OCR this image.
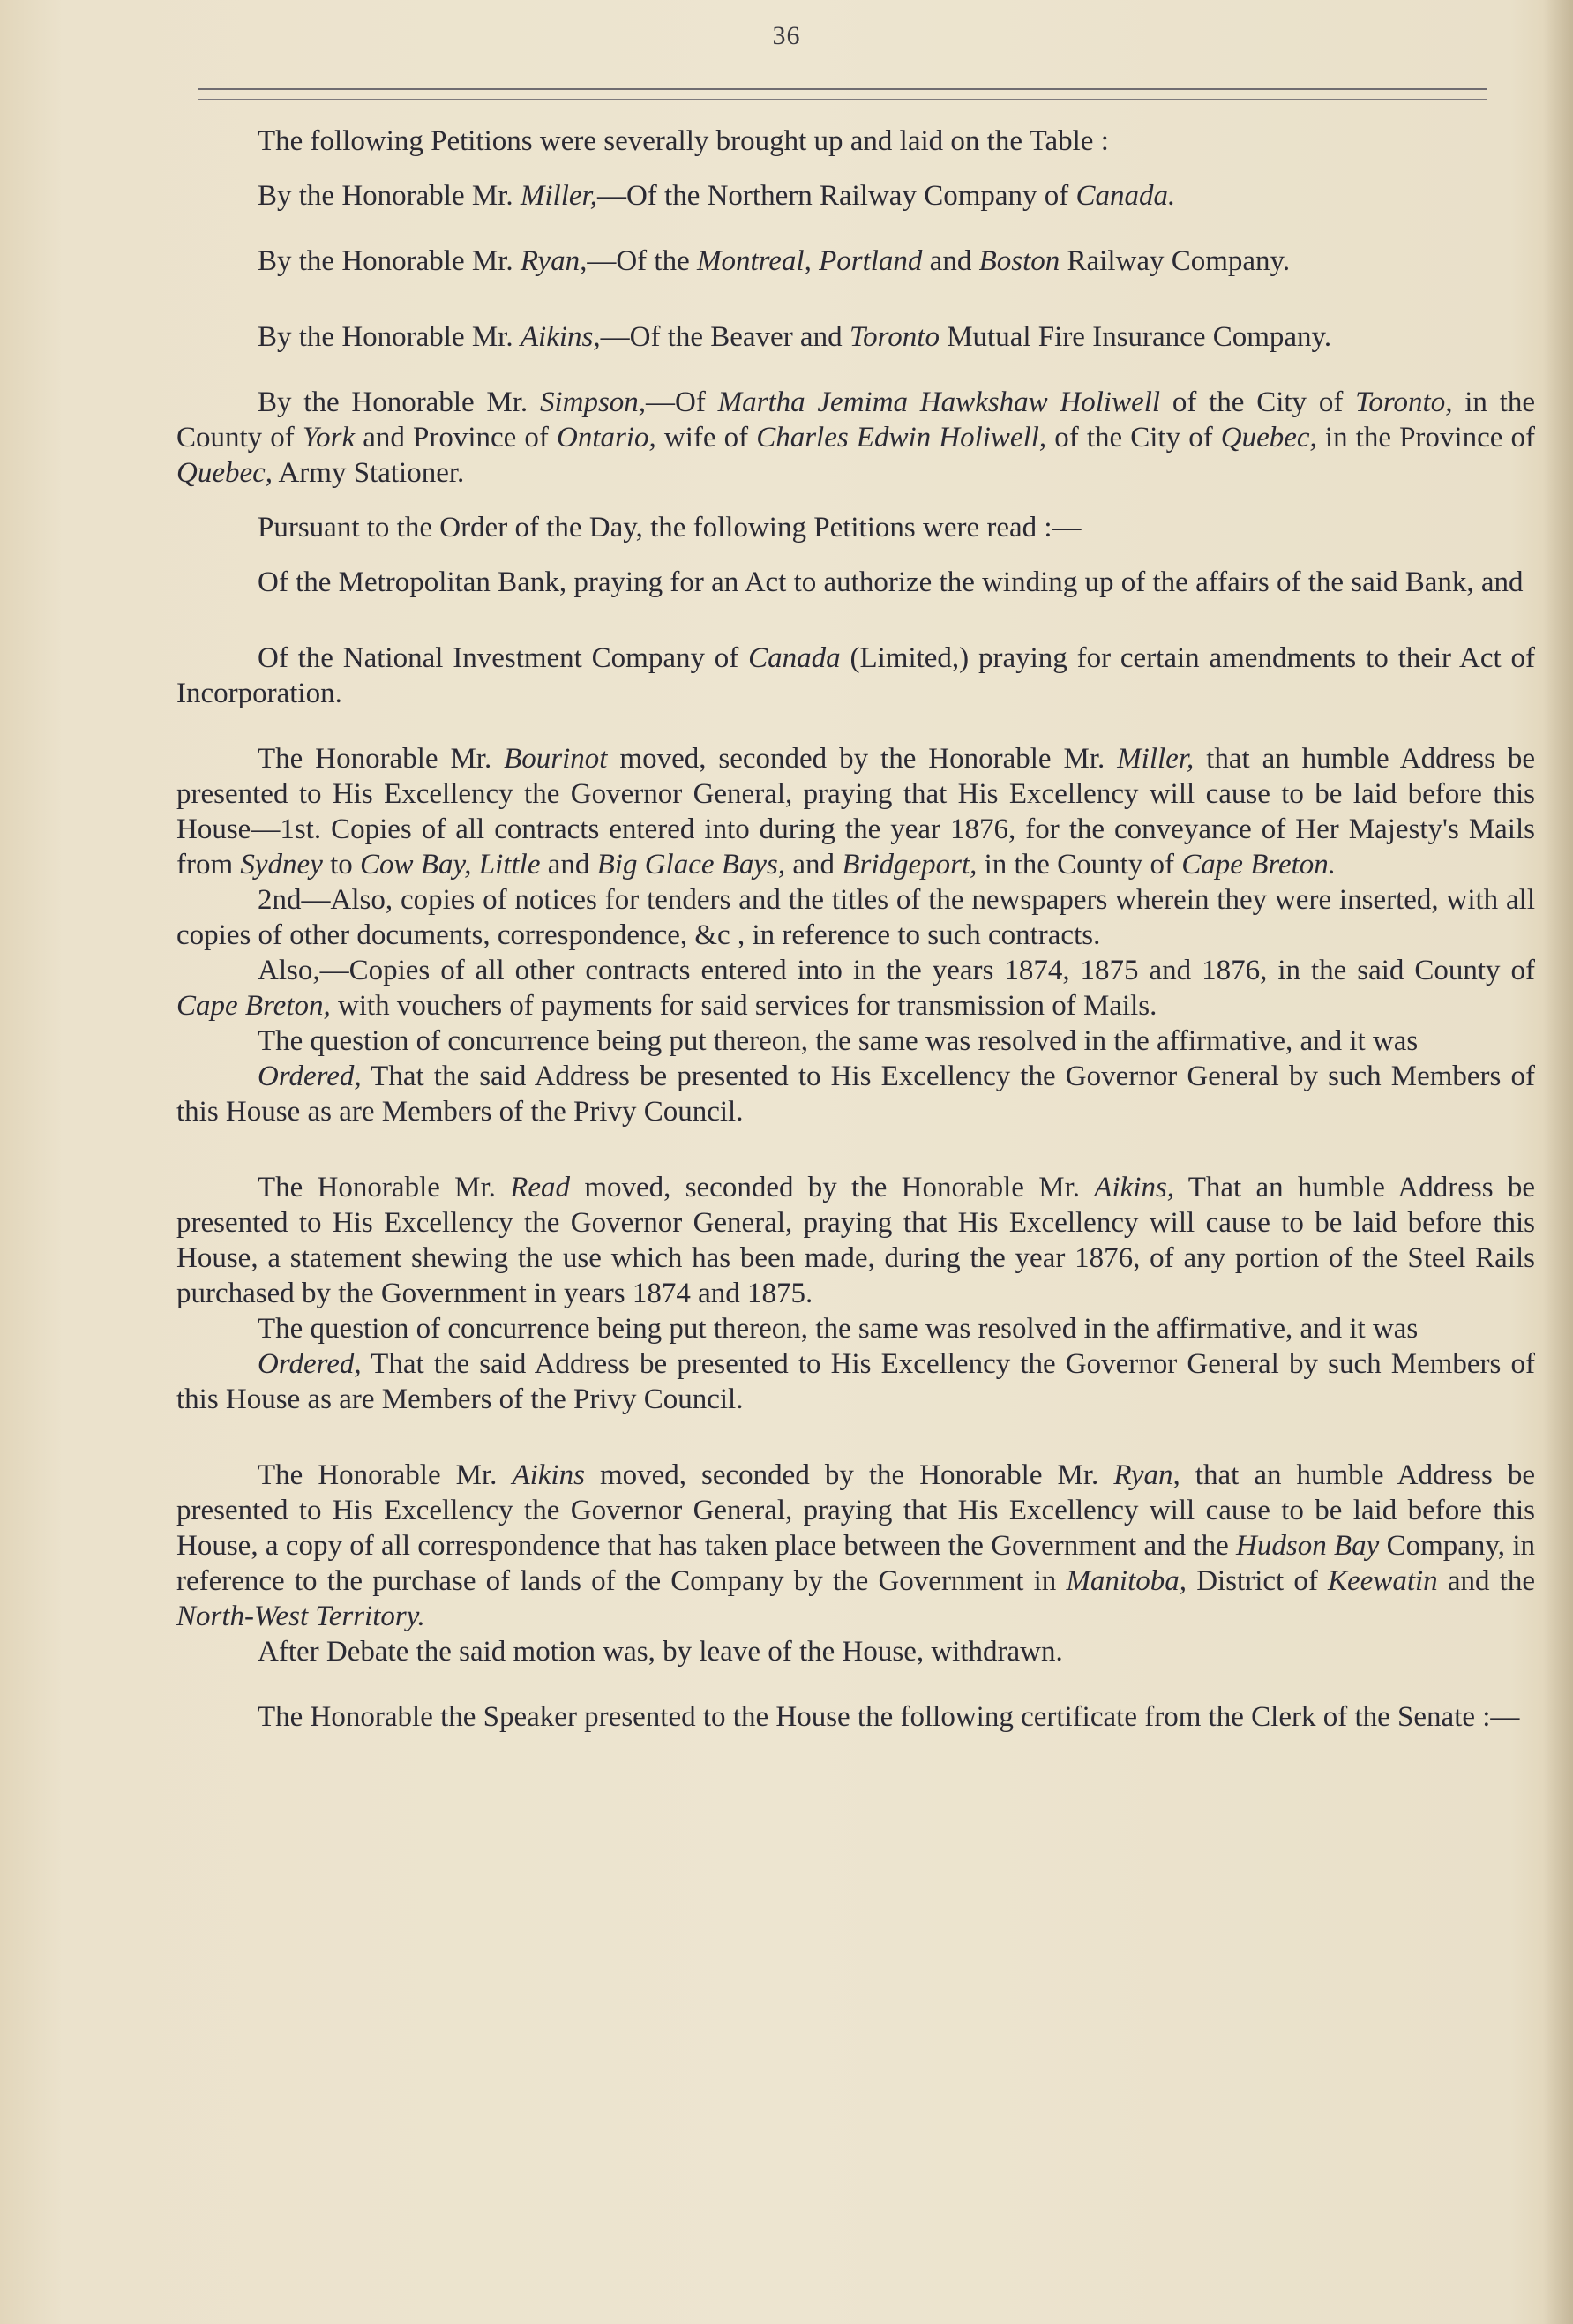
36

The following Petitions were severally brought up and laid on the Table :

By the Honorable Mr. Miller,—Of the Northern Railway Company of Canada.

By the Honorable Mr. Ryan,—Of the Montreal, Portland and Boston Railway Company.

By the Honorable Mr. Aikins,—Of the Beaver and Toronto Mutual Fire Insurance Company.

By the Honorable Mr. Simpson,—Of Martha Jemima Hawkshaw Holiwell of the City of Toronto, in the County of York and Province of Ontario, wife of Charles Edwin Holiwell, of the City of Quebec, in the Province of Quebec, Army Stationer.

Pursuant to the Order of the Day, the following Petitions were read :—

Of the Metropolitan Bank, praying for an Act to authorize the winding up of the affairs of the said Bank, and

Of the National Investment Company of Canada (Limited,) praying for certain amendments to their Act of Incorporation.

The Honorable Mr. Bourinot moved, seconded by the Honorable Mr. Miller, that an humble Address be presented to His Excellency the Governor General, praying that His Excellency will cause to be laid before this House—1st. Copies of all contracts entered into during the year 1876, for the conveyance of Her Majesty's Mails from Sydney to Cow Bay, Little and Big Glace Bays, and Bridgeport, in the County of Cape Breton.

2nd—Also, copies of notices for tenders and the titles of the newspapers wherein they were inserted, with all copies of other documents, correspondence, &c , in reference to such contracts.

Also,—Copies of all other contracts entered into in the years 1874, 1875 and 1876, in the said County of Cape Breton, with vouchers of payments for said services for transmission of Mails.

The question of concurrence being put thereon, the same was resolved in the affirmative, and it was

Ordered, That the said Address be presented to His Excellency the Governor General by such Members of this House as are Members of the Privy Council.

The Honorable Mr. Read moved, seconded by the Honorable Mr. Aikins, That an humble Address be presented to His Excellency the Governor General, praying that His Excellency will cause to be laid before this House, a statement shewing the use which has been made, during the year 1876, of any portion of the Steel Rails purchased by the Government in years 1874 and 1875.

The question of concurrence being put thereon, the same was resolved in the affirmative, and it was

Ordered, That the said Address be presented to His Excellency the Governor General by such Members of this House as are Members of the Privy Council.

The Honorable Mr. Aikins moved, seconded by the Honorable Mr. Ryan, that an humble Address be presented to His Excellency the Governor General, praying that His Excellency will cause to be laid before this House, a copy of all correspondence that has taken place between the Government and the Hudson Bay Company, in reference to the purchase of lands of the Company by the Government in Manitoba, District of Keewatin and the North-West Territory.

After Debate the said motion was, by leave of the House, withdrawn.

The Honorable the Speaker presented to the House the following certificate from the Clerk of the Senate :—
